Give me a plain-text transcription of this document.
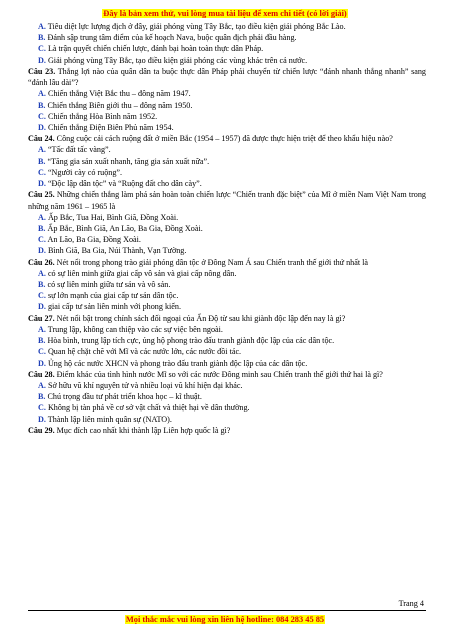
Đây là bản xem thử, vui lòng mua tài liệu để xem chi tiết (có lời giải)

A. Tiêu diệt lực lượng địch ở đây, giải phóng vùng Tây Bắc, tạo điều kiện giải phóng Bắc Lào.

B. Đánh sập trung tâm điểm của kế hoạch Nava, buộc quân địch phải đầu hàng.

C. Là trận quyết chiến chiến lược, đánh bại hoàn toàn thực dân Pháp.

D. Giải phóng vùng Tây Bắc, tạo điều kiện giải phóng các vùng khác trên cả nước.

Câu 23. Thắng lợi nào của quân dân ta buộc thực dân Pháp phải chuyển từ chiến lược “đánh nhanh thắng nhanh” sang “đánh lâu dài”?

A. Chiến thắng Việt Bắc thu – đông năm 1947.

B. Chiến thắng Biên giới thu – đông năm 1950.

C. Chiến thắng Hòa Bình năm 1952.

D. Chiến thắng Điện Biên Phủ năm 1954.

Câu 24. Công cuộc cải cách ruộng đất ở miền Bắc (1954 – 1957) đã được thực hiện triệt để theo khẩu hiệu nào?

A. “Tấc đất tấc vàng”.

B. “Tăng gia sản xuất nhanh, tăng gia sản xuất nữa”.

C. “Người cày có ruộng”.

D. “Độc lập dân tộc” và “Ruộng đất cho dân cày”.

Câu 25. Những chiến thắng làm phá sản hoàn toàn chiến lược “Chiến tranh đặc biệt” của Mĩ ở miền Nam Việt Nam trong những năm 1961 – 1965 là

A. Ấp Bắc, Tua Hai, Bình Giã, Đồng Xoài.

B. Ấp Bắc, Bình Giã, An Lão, Ba Gia, Đồng Xoài.

C. An Lão, Ba Gia, Đồng Xoài.

D. Bình Giã, Ba Gia, Núi Thành, Vạn Tường.

Câu 26. Nét nổi trong phong trào giải phóng dân tộc ở Đông Nam Á sau Chiến tranh thế giới thứ nhất là

A. có sự liên minh giữa giai cấp vô sản và giai cấp nông dân.

B. có sự liên minh giữa tư sản và vô sản.

C. sự lớn mạnh của giai cấp tư sản dân tộc.

D. giai cấp tư sản liên minh với phong kiến.

Câu 27. Nét nổi bật trong chính sách đối ngoại của Ấn Độ từ sau khi giành độc lập đến nay là gì?

A. Trung lập, không can thiệp vào các sự việc bên ngoài.

B. Hòa bình, trung lập tích cực, ủng hộ phong trào đấu tranh giành độc lập của các dân tộc.

C. Quan hệ chặt chẽ với Mĩ và các nước lớn, các nước đồi tác.

D. Ủng hộ các nước XHCN và phong trào đấu tranh giành độc lập của các dân tộc.

Câu 28. Điểm khác của tình hình nước Mĩ so với các nước Đông minh sau Chiến tranh thế giới thứ hai là gì?

A. Sở hữu vũ khí nguyên tử và nhiều loại vũ khí hiện đại khác.

B. Chú trọng đầu tư phát triển khoa học – kĩ thuật.

C. Không bị tàn phá về cơ sở vật chất và thiệt hại về dân thường.

D. Thành lập liên minh quân sự (NATO).

Câu 29. Mục đích cao nhất khi thành lập Liên hợp quốc là gì?

Trang 4
Mọi thắc mắc vui lòng xin liên hệ hotline: 084 283 45 85
